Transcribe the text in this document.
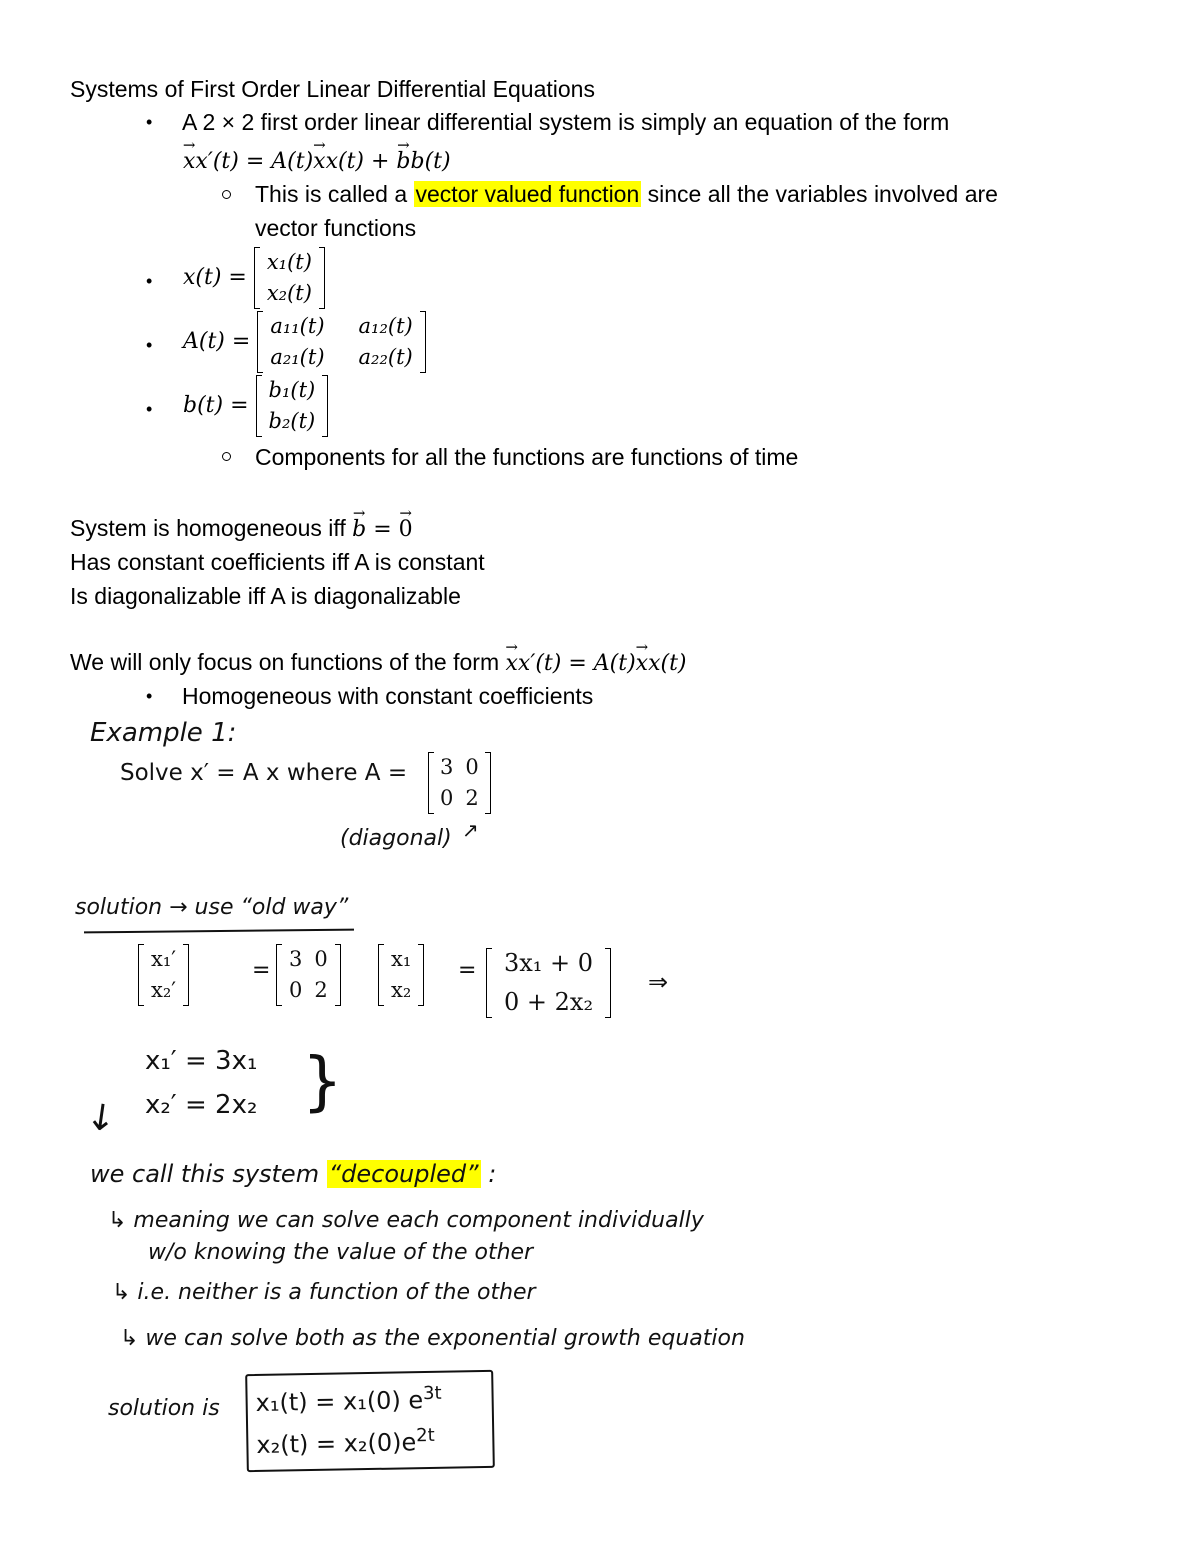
Systems of First Order Linear Differential Equations
• A 2 × 2 first order linear differential system is simply an equation of the form
→ xx′(t) = A(t)→ xx(t) + → bb(t)
This is called a vector valued function since all the variables involved are
vector functions
• x(t) =
x₁(t)
x₂(t)
• A(t) =
a₁₁(t)	a₁₂(t)
a₂₁(t)	a₂₂(t)
• b(t) =
b₁(t)
b₂(t)
Components for all the functions are functions of time
System is homogeneous iff → b = → 0
Has constant coefficients iff A is constant
Is diagonalizable iff A is diagonalizable
We will only focus on functions of the form → xx′(t) = A(t)→ xx(t)
• Homogeneous with constant coefficients
Example 1:
Solve x′ = A x where A = 3	0
0	2
(diagonal) ↗
solution → use “old way”
x₁′
x₂′
= 3	0
0	2
x₁
x₂
= 3x₁ + 0
0 + 2x₂
⇒
x₁′ = 3x₁
x₂′ = 2x₂ }
↓
we call this system “decoupled” :
↳ meaning we can solve each component individually
w/o knowing the value of the other
↳ i.e. neither is a function of the other
↳ we can solve both as the exponential growth equation
solution is x₁(t) = x₁(0) $e^{3t}$
$x_2(t) = x_2(0)e^{2t}$
